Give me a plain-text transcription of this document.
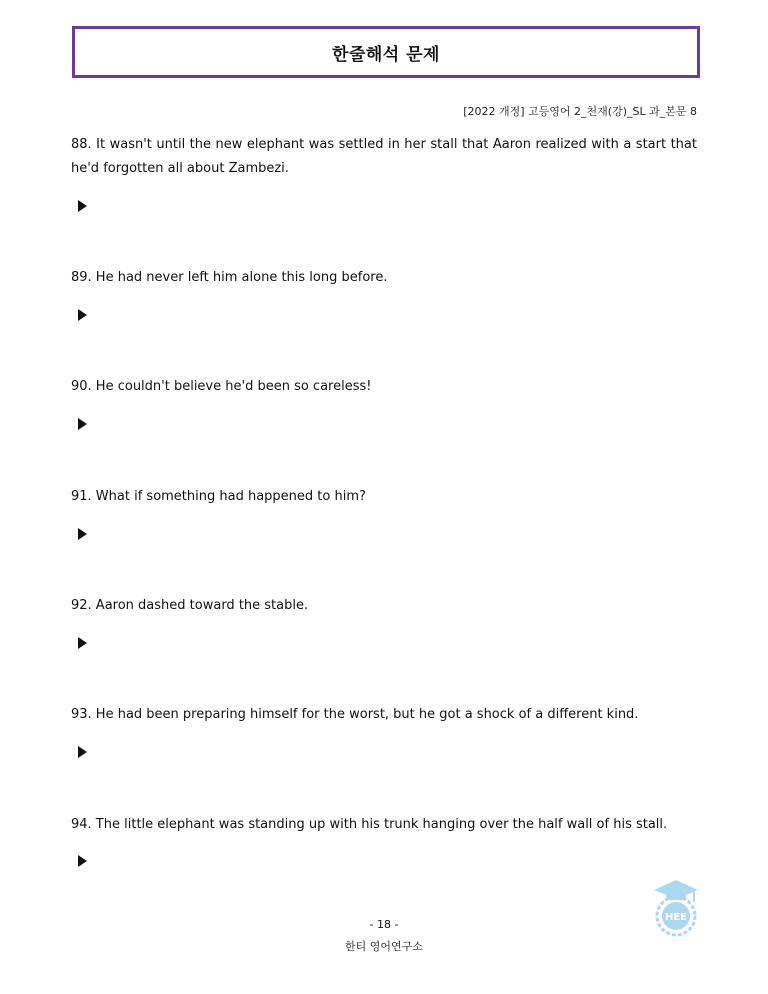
한줄해석 문제
[2022 개정] 고등영어 2_천재(강)_SL 과_본문 8
88. It wasn't until the new elephant was settled in her stall that Aaron realized with a start that he'd forgotten all about Zambezi.
89. He had never left him alone this long before.
90. He couldn't believe he'd been so careless!
91. What if something had happened to him?
92. Aaron dashed toward the stable.
93. He had been preparing himself for the worst, but he got a shock of a different kind.
94. The little elephant was standing up with his trunk hanging over the half wall of his stall.
- 18 -
한티 영어연구소
HEE
